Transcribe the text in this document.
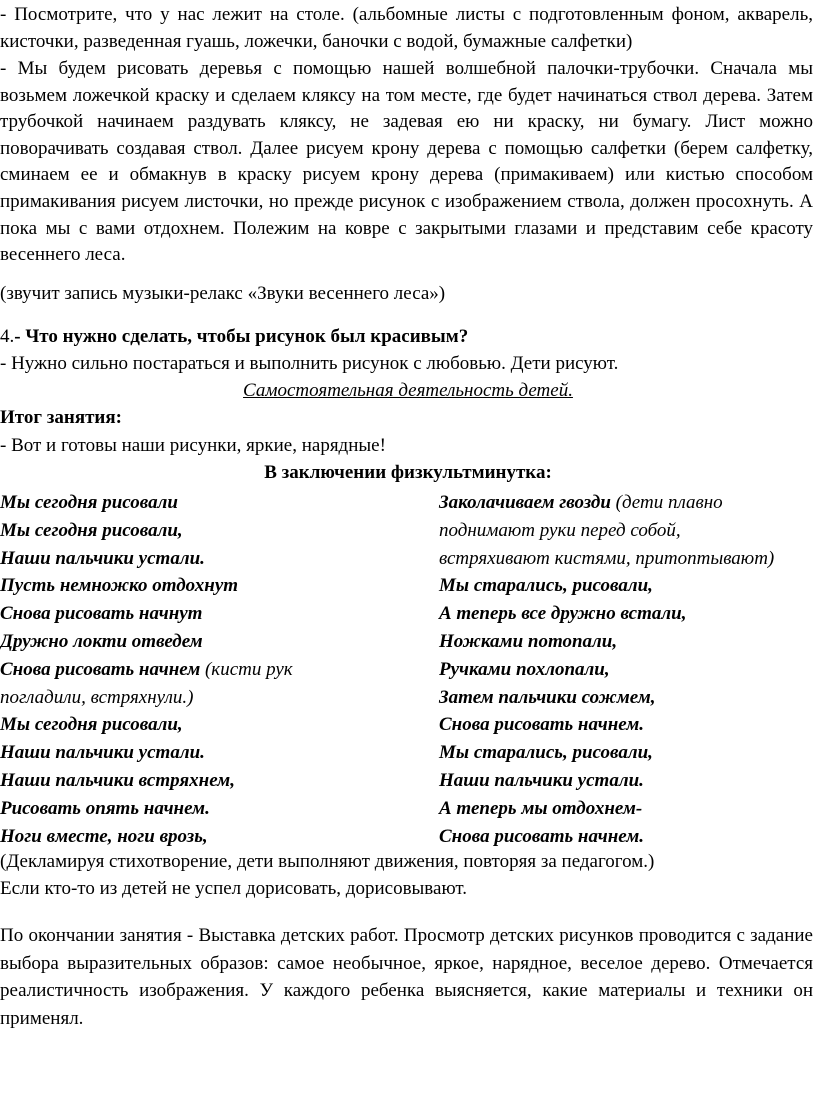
- Посмотрите, что у нас лежит на столе. (альбомные листы с подготовленным фоном, акварель, кисточки, разведенная гуашь, ложечки, баночки с водой, бумажные салфетки)
- Мы будем рисовать деревья с помощью нашей волшебной палочки-трубочки. Сначала мы возьмем ложечкой краску и сделаем кляксу на том месте, где будет начинаться ствол дерева. Затем трубочкой начинаем раздувать кляксу, не задевая ею ни краску, ни бумагу. Лист можно поворачивать создавая ствол. Далее рисуем крону дерева с помощью салфетки (берем салфетку, сминаем ее и обмакнув в краску рисуем крону дерева (примакиваем) или кистью способом примакивания рисуем листочки, но прежде рисунок с изображением ствола, должен просохнуть. А пока мы с вами отдохнем. Полежим на ковре с закрытыми глазами и представим себе красоту весеннего леса.
(звучит запись музыки-релакс «Звуки весеннего леса»)
4.- Что нужно сделать, чтобы рисунок был красивым?
- Нужно сильно постараться и выполнить рисунок с любовью. Дети рисуют.
Самостоятельная деятельность детей.
Итог занятия:
- Вот и готовы наши рисунки, яркие, нарядные!
В заключении физкультминутка:
Мы сегодня рисовали
Мы сегодня рисовали,
Наши пальчики устали.
Пусть немножко отдохнут
Снова рисовать начнут
Дружно локти отведем
Снова рисовать начнем (кисти рук
погладили, встряхнули.)
Мы сегодня рисовали,
Наши пальчики устали.
Наши пальчики встряхнем,
Рисовать опять начнем.
Ноги вместе, ноги врозь,
Заколачиваем гвозди (дети плавно
поднимают руки перед собой,
встряхивают кистями, притоптывают)
Мы старались, рисовали,
А теперь все дружно встали,
Ножками потопали,
Ручками похлопали,
Затем пальчики сожмем,
Снова рисовать начнем.
Мы старались, рисовали,
Наши пальчики устали.
А теперь мы отдохнем-
Снова рисовать начнем.
(Декламируя стихотворение, дети выполняют движения, повторяя за педагогом.)
Если кто-то из детей не успел дорисовать, дорисовывают.
По окончании занятия - Выставка детских работ. Просмотр детских рисунков проводится с задание выбора выразительных образов: самое необычное, яркое, нарядное, веселое дерево. Отмечается реалистичность изображения. У каждого ребенка выясняется, какие материалы и техники он применял.
